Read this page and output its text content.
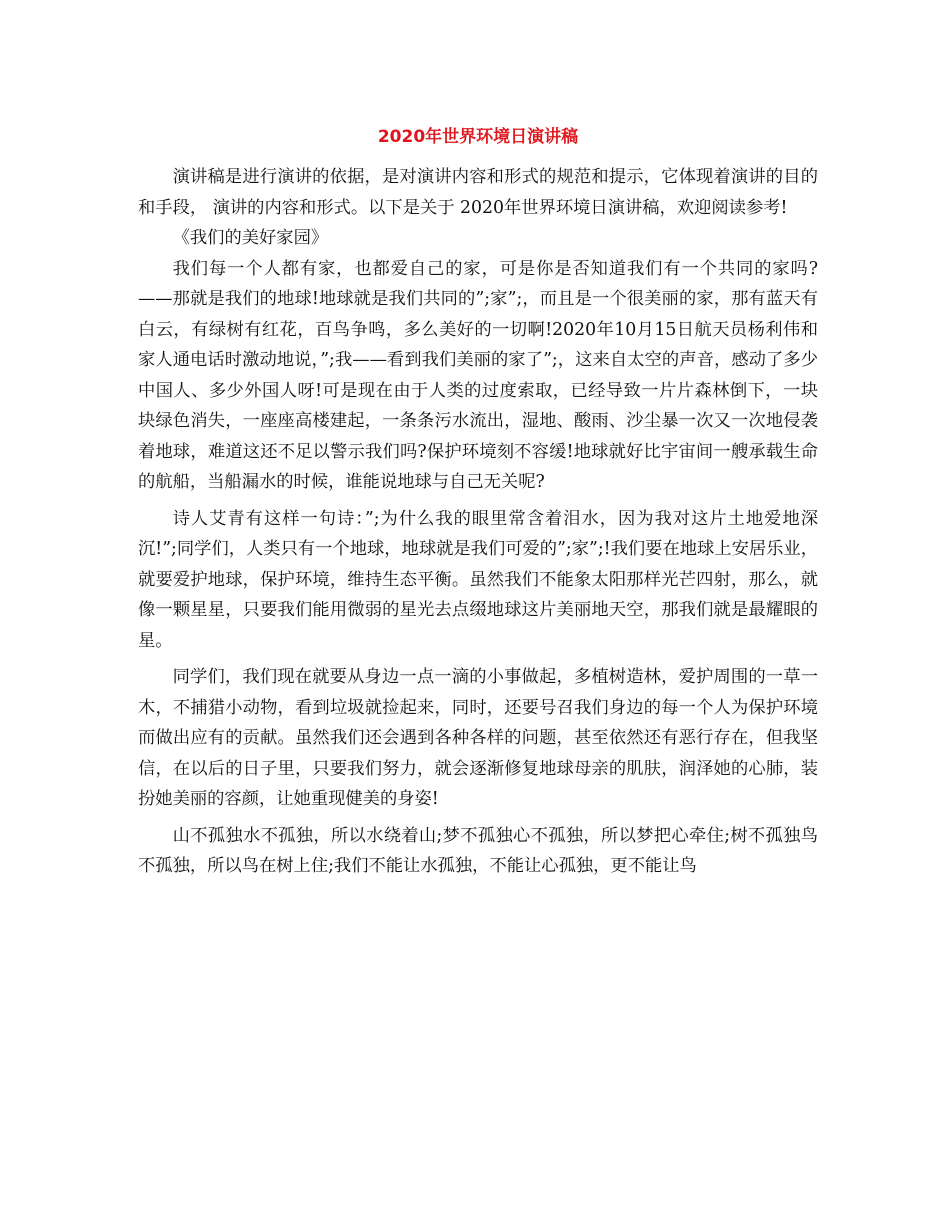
2020年世界环境日演讲稿

演讲稿是进行演讲的依据，是对演讲内容和形式的规范和提示，它体现着演讲的目的和手段， 演讲的内容和形式。以下是关于 2020年世界环境日演讲稿，欢迎阅读参考!

《我们的美好家园》

我们每一个人都有家，也都爱自己的家，可是你是否知道我们有一个共同的家吗?——那就是我们的地球!地球就是我们共同的”;家”;，而且是一个很美丽的家，那有蓝天有白云，有绿树有红花，百鸟争鸣，多么美好的一切啊!2020年10月15日航天员杨利伟和家人通电话时激动地说，”;我——看到我们美丽的家了”;，这来自太空的声音，感动了多少中国人、多少外国人呀!可是现在由于人类的过度索取，已经导致一片片森林倒下，一块块绿色消失，一座座高楼建起，一条条污水流出，湿地、酸雨、沙尘暴一次又一次地侵袭着地球，难道这还不足以警示我们吗?保护环境刻不容缓!地球就好比宇宙间一艘承载生命的航船，当船漏水的时候，谁能说地球与自己无关呢?

诗人艾青有这样一句诗：”;为什么我的眼里常含着泪水，因为我对这片土地爱地深沉!”;同学们，人类只有一个地球，地球就是我们可爱的”;家”;!我们要在地球上安居乐业，就要爱护地球，保护环境，维持生态平衡。虽然我们不能象太阳那样光芒四射，那么，就像一颗星星，只要我们能用微弱的星光去点缀地球这片美丽地天空，那我们就是最耀眼的星。

同学们，我们现在就要从身边一点一滴的小事做起，多植树造林，爱护周围的一草一木，不捕猎小动物，看到垃圾就捡起来，同时，还要号召我们身边的每一个人为保护环境而做出应有的贡献。虽然我们还会遇到各种各样的问题，甚至依然还有恶行存在，但我坚信，在以后的日子里，只要我们努力，就会逐渐修复地球母亲的肌肤，润泽她的心肺，装扮她美丽的容颜，让她重现健美的身姿!

山不孤独水不孤独，所以水绕着山;梦不孤独心不孤独，所以梦把心牵住;树不孤独鸟不孤独，所以鸟在树上住;我们不能让水孤独，不能让心孤独，更不能让鸟
